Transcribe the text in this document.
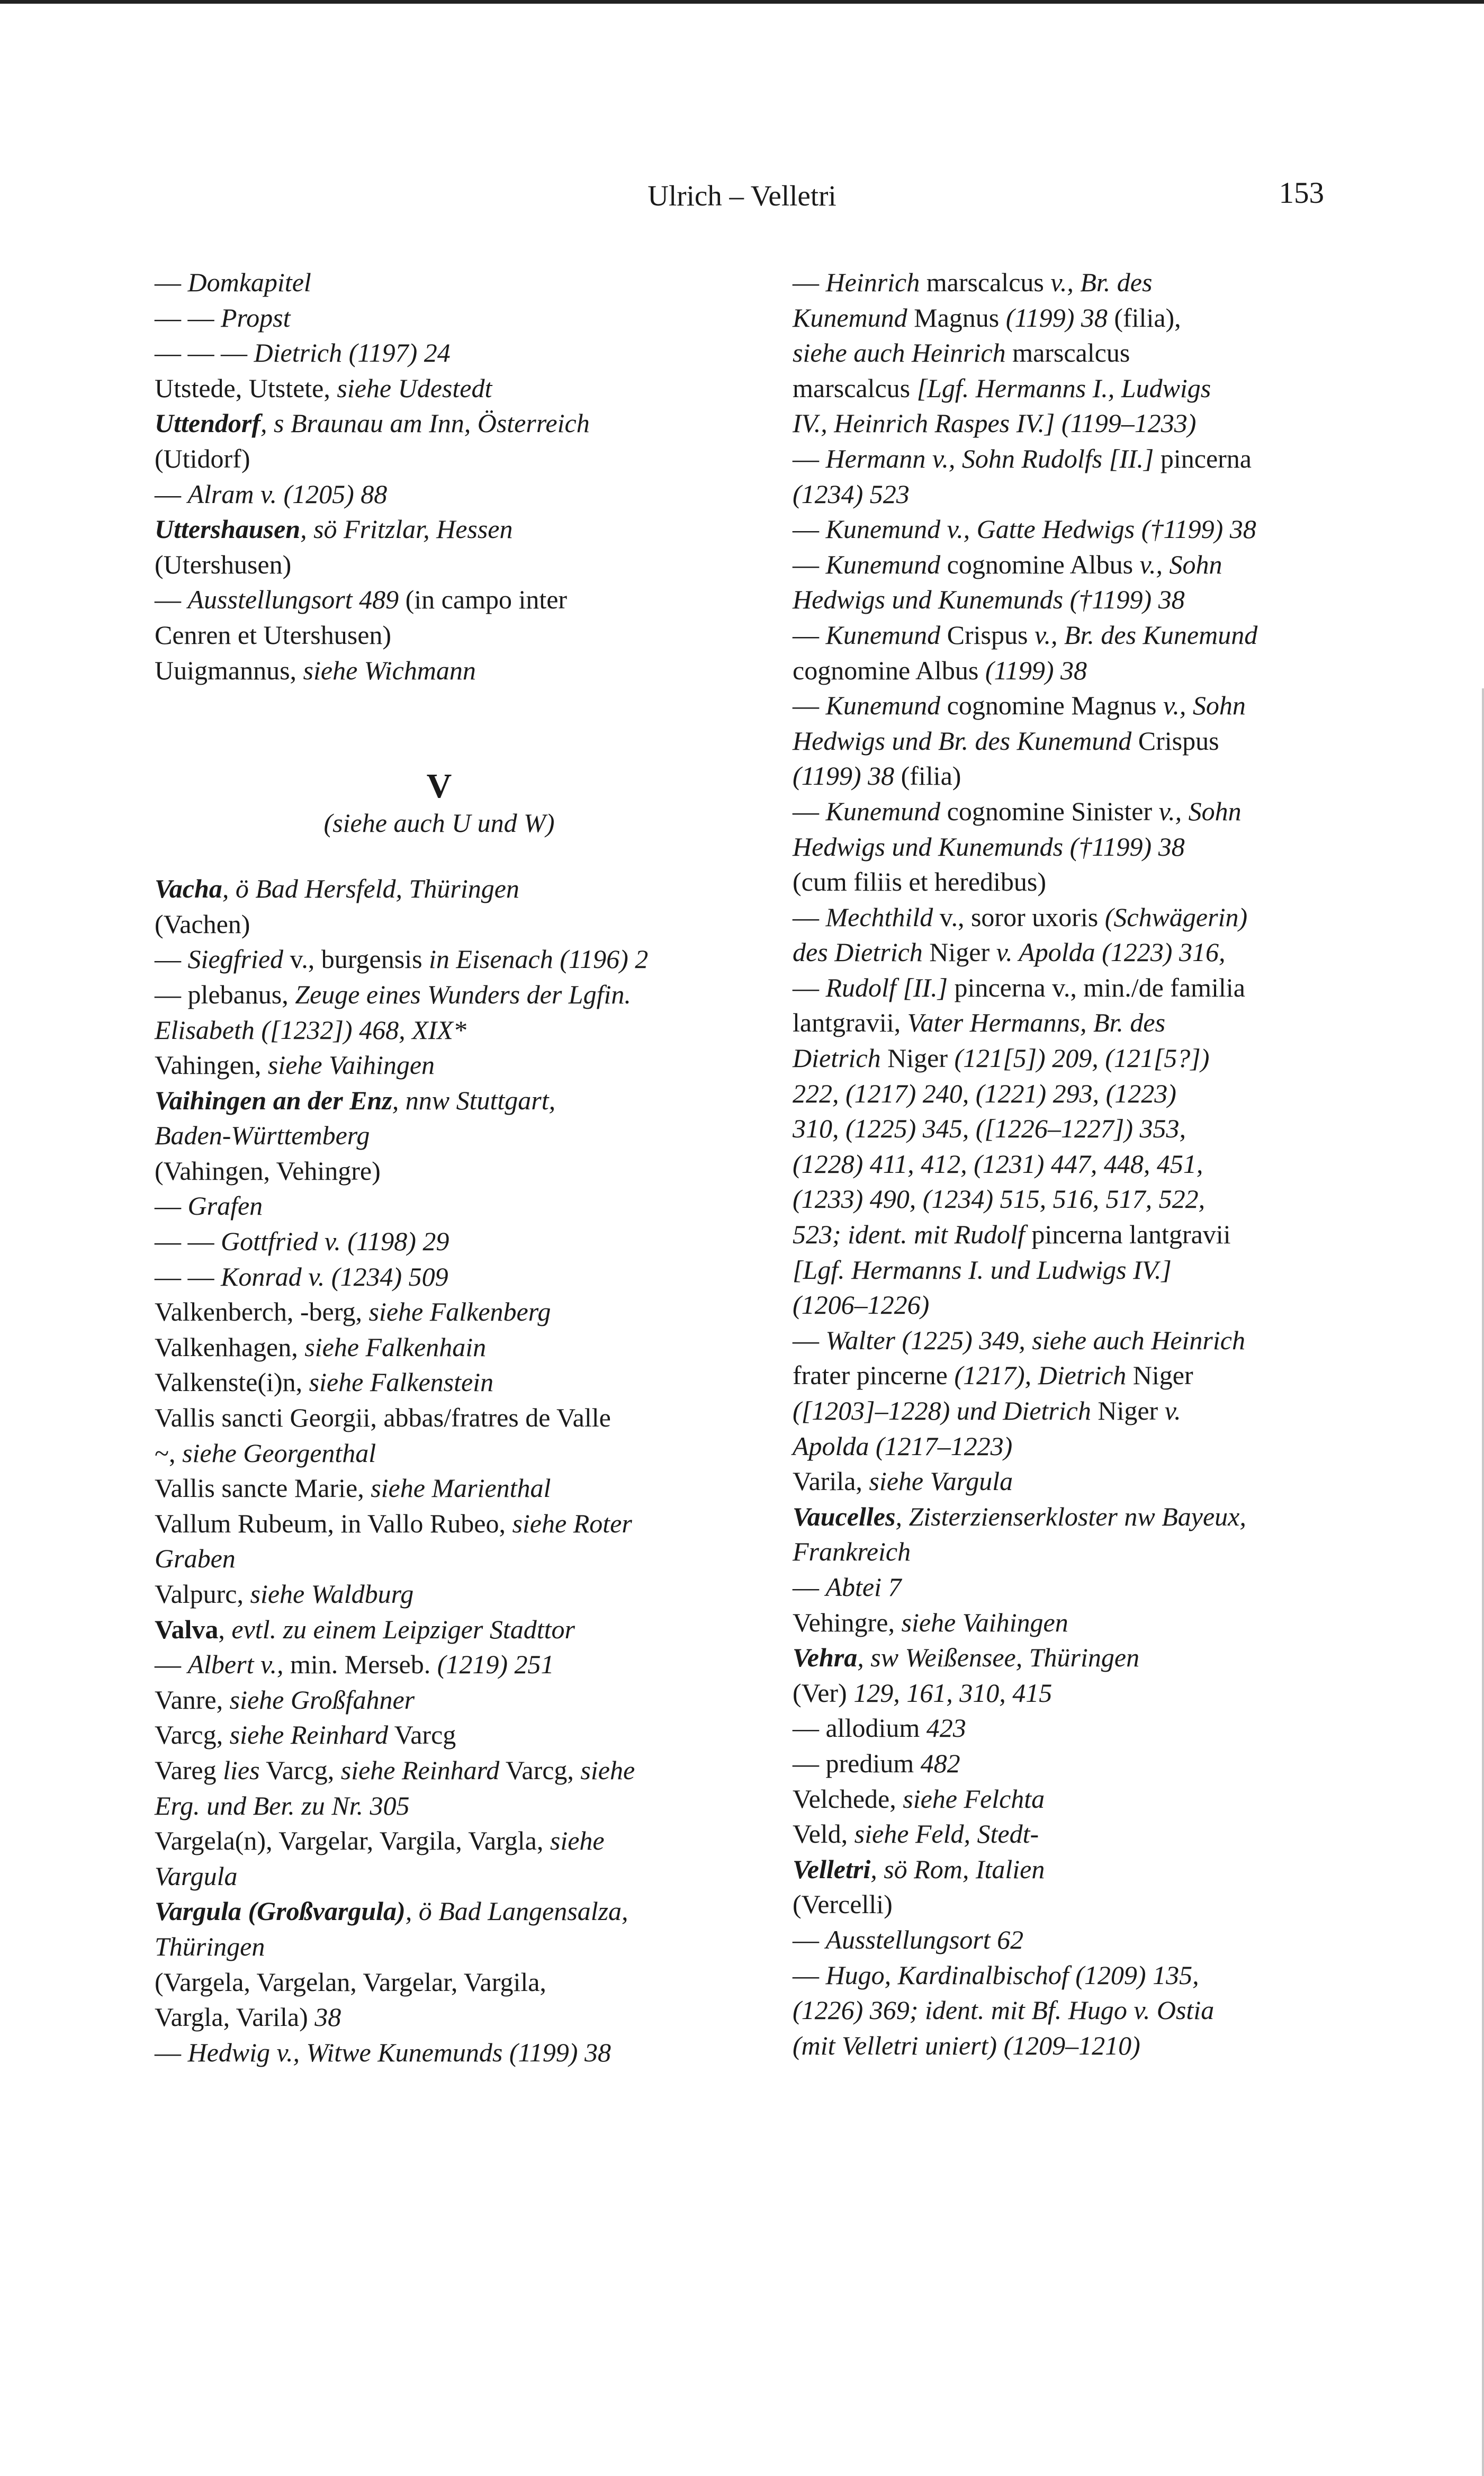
Ulrich – Velletri	153
— Domkapitel
— — Propst
— — — Dietrich (1197) 24
Utstede, Utstete, siehe Udestedt
Uttendorf, s Braunau am Inn, Österreich
(Utidorf)
— Alram v. (1205) 88
Uttershausen, sö Fritzlar, Hessen
(Utershusen)
— Ausstellungsort 489 (in campo inter
Cenren et Utershusen)
Uuigmannus, siehe Wichmann
V
(siehe auch U und W)
Vacha, ö Bad Hersfeld, Thüringen
(Vachen)
— Siegfried v., burgensis in Eisenach (1196) 2
— plebanus, Zeuge eines Wunders der Lgfin.
Elisabeth ([1232]) 468, XIX*
Vahingen, siehe Vaihingen
Vaihingen an der Enz, nnw Stuttgart,
Baden-Württemberg
(Vahingen, Vehingre)
— Grafen
— — Gottfried v. (1198) 29
— — Konrad v. (1234) 509
Valkenberch, -berg, siehe Falkenberg
Valkenhagen, siehe Falkenhain
Valkenste(i)n, siehe Falkenstein
Vallis sancti Georgii, abbas/fratres de Valle
~, siehe Georgenthal
Vallis sancte Marie, siehe Marienthal
Vallum Rubeum, in Vallo Rubeo, siehe Roter
Graben
Valpurc, siehe Waldburg
Valva, evtl. zu einem Leipziger Stadttor
— Albert v., min. Merseb. (1219) 251
Vanre, siehe Großfahner
Varcg, siehe Reinhard Varcg
Vareg lies Varcg, siehe Reinhard Varcg, siehe
Erg. und Ber. zu Nr. 305
Vargela(n), Vargelar, Vargila, Vargla, siehe
Vargula
Vargula (Großvargula), ö Bad Langensalza,
Thüringen
(Vargela, Vargelan, Vargelar, Vargila,
Vargla, Varila) 38
— Hedwig v., Witwe Kunemunds (1199) 38
— Heinrich marscalcus v., Br. des
Kunemund Magnus (1199) 38 (filia),
siehe auch Heinrich marscalcus
marscalcus [Lgf. Hermanns I., Ludwigs
IV., Heinrich Raspes IV.] (1199–1233)
— Hermann v., Sohn Rudolfs [II.] pincerna
(1234) 523
— Kunemund v., Gatte Hedwigs (†1199) 38
— Kunemund cognomine Albus v., Sohn
Hedwigs und Kunemunds (†1199) 38
— Kunemund Crispus v., Br. des Kunemund
cognomine Albus (1199) 38
— Kunemund cognomine Magnus v., Sohn
Hedwigs und Br. des Kunemund Crispus
(1199) 38 (filia)
— Kunemund cognomine Sinister v., Sohn
Hedwigs und Kunemunds (†1199) 38
(cum filiis et heredibus)
— Mechthild v., soror uxoris (Schwägerin)
des Dietrich Niger v. Apolda (1223) 316,
— Rudolf [II.] pincerna v., min./de familia
lantgravii, Vater Hermanns, Br. des
Dietrich Niger (121[5]) 209, (121[5?])
222, (1217) 240, (1221) 293, (1223)
310, (1225) 345, ([1226–1227]) 353,
(1228) 411, 412, (1231) 447, 448, 451,
(1233) 490, (1234) 515, 516, 517, 522,
523; ident. mit Rudolf pincerna lantgravii
[Lgf. Hermanns I. und Ludwigs IV.]
(1206–1226)
— Walter (1225) 349, siehe auch Heinrich
frater pincerne (1217), Dietrich Niger
([1203]–1228) und Dietrich Niger v.
Apolda (1217–1223)
Varila, siehe Vargula
Vaucelles, Zisterzienserkloster nw Bayeux,
Frankreich
— Abtei 7
Vehingre, siehe Vaihingen
Vehra, sw Weißensee, Thüringen
(Ver) 129, 161, 310, 415
— allodium 423
— predium 482
Velchede, siehe Felchta
Veld, siehe Feld, Stedt-
Velletri, sö Rom, Italien
(Vercelli)
— Ausstellungsort 62
— Hugo, Kardinalbischof (1209) 135,
(1226) 369; ident. mit Bf. Hugo v. Ostia
(mit Velletri uniert) (1209–1210)
